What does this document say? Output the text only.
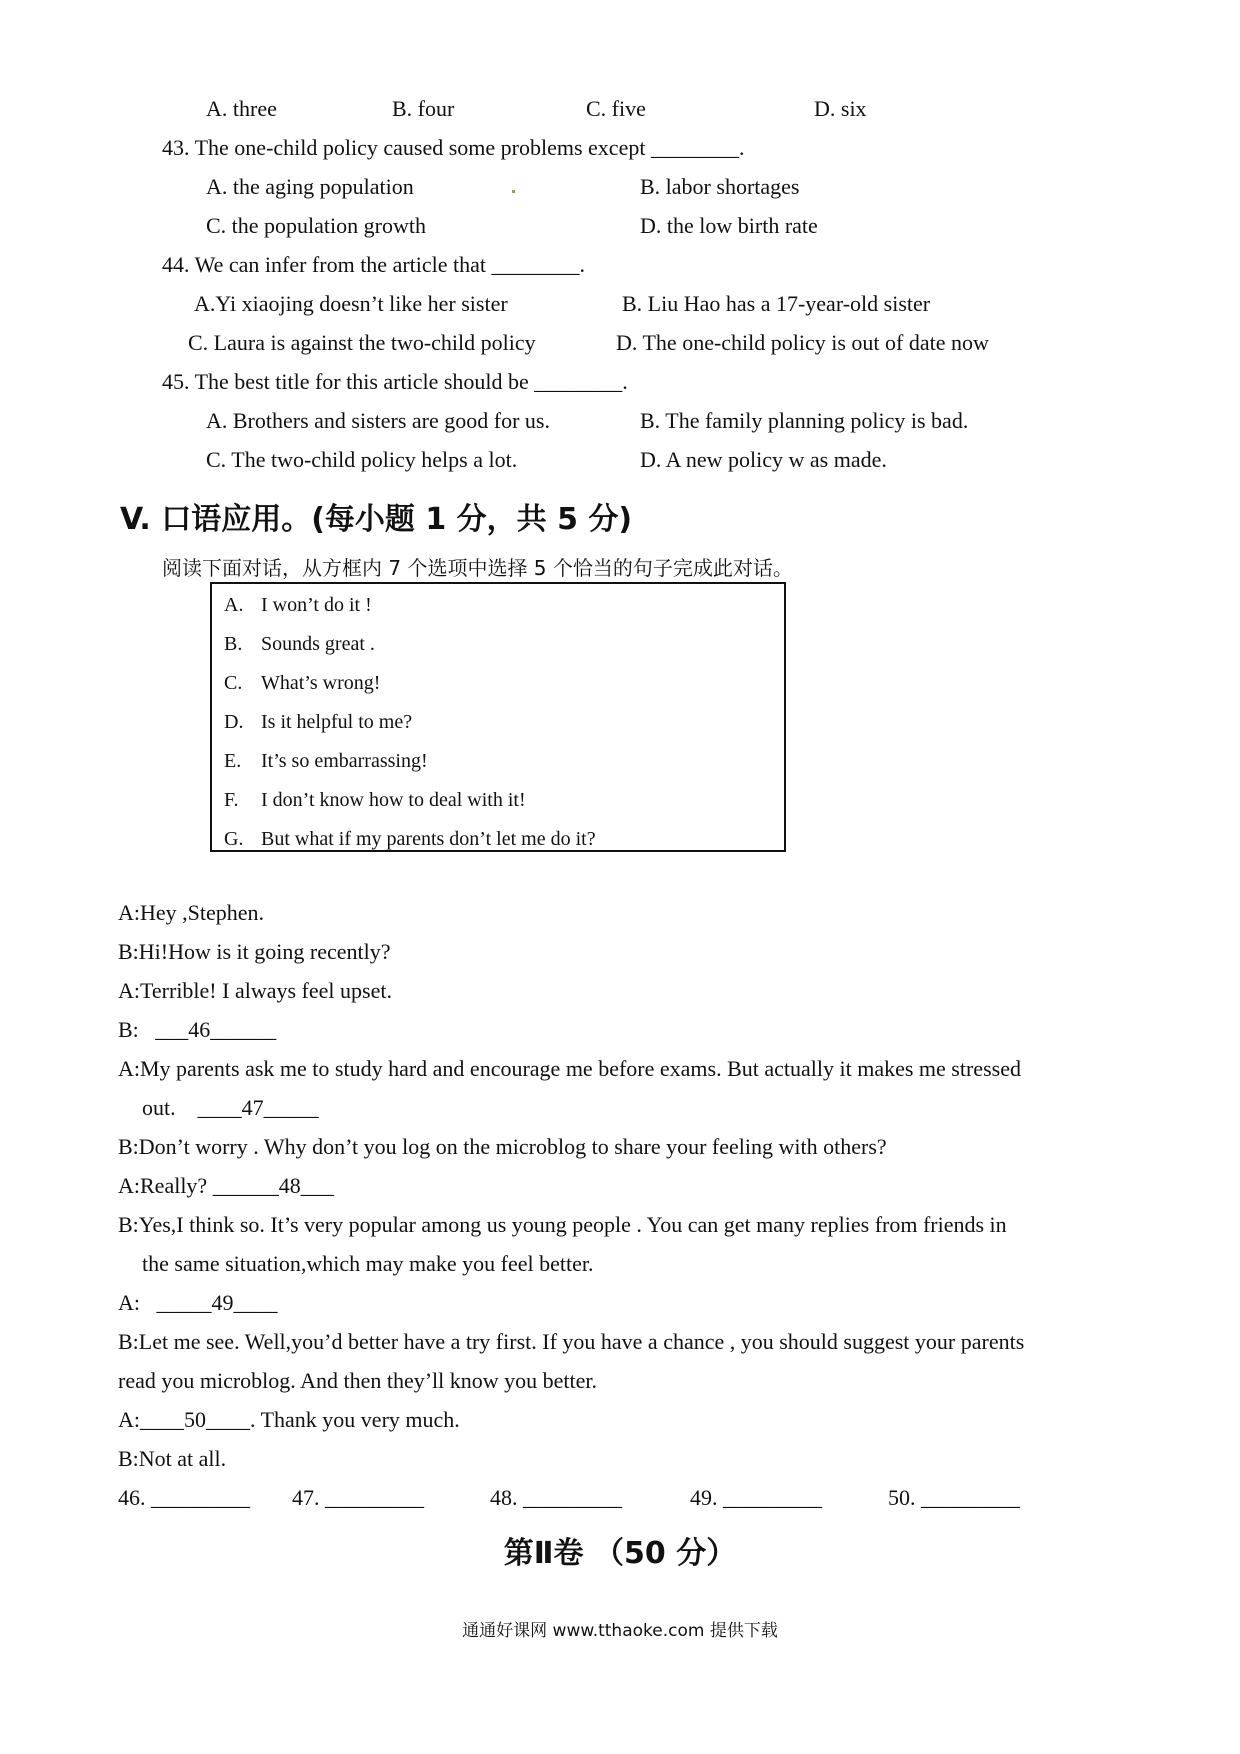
A. three	B. four	C. five	D. six
43. The one-child policy caused some problems except ________.
A. the aging population	B. labor shortages
C. the population growth	D. the low birth rate
44. We can infer from the article that ________.
A.Yi xiaojing doesn’t like her sister	B. Liu Hao has a 17-year-old sister
C. Laura is against the two-child policy	D. The one-child policy is out of date now
45. The best title for this article should be ________.
A. Brothers and sisters are good for us.	B. The family planning policy is bad.
C. The two-child policy helps a lot.	D. A new policy w as made.
V. 口语应用。(每小题 1 分，共 5 分)
阅读下面对话，从方框内 7 个选项中选择 5 个恰当的句子完成此对话。
A. I won’t do it !
B. Sounds great .
C. What’s wrong!
D. Is it helpful to me?
E. It’s so embarrassing!
F. I don’t know how to deal with it!
G. But what if my parents don’t let me do it?
A:Hey ,Stephen.
B:Hi!How is it going recently?
A:Terrible! I always feel upset.
B:   ___46______
A:My parents ask me to study hard and encourage me before exams. But actually it makes me stressed
out.    ____47_____
B:Don’t worry . Why don’t you log on the microblog to share your feeling with others?
A:Really? ______48___
B:Yes,I think so. It’s very popular among us young people . You can get many replies from friends in
the same situation,which may make you feel better.
A:   _____49____
B:Let me see. Well,you’d better have a try first. If you have a chance , you should suggest your parents
read you microblog. And then they’ll know you better.
A:____50____. Thank you very much.
B:Not at all.
46. _________ 47. _________	48. _________	49. _________	50. _________
第Ⅱ卷 （50 分）
通通好课网 www.tthaoke.com 提供下载
